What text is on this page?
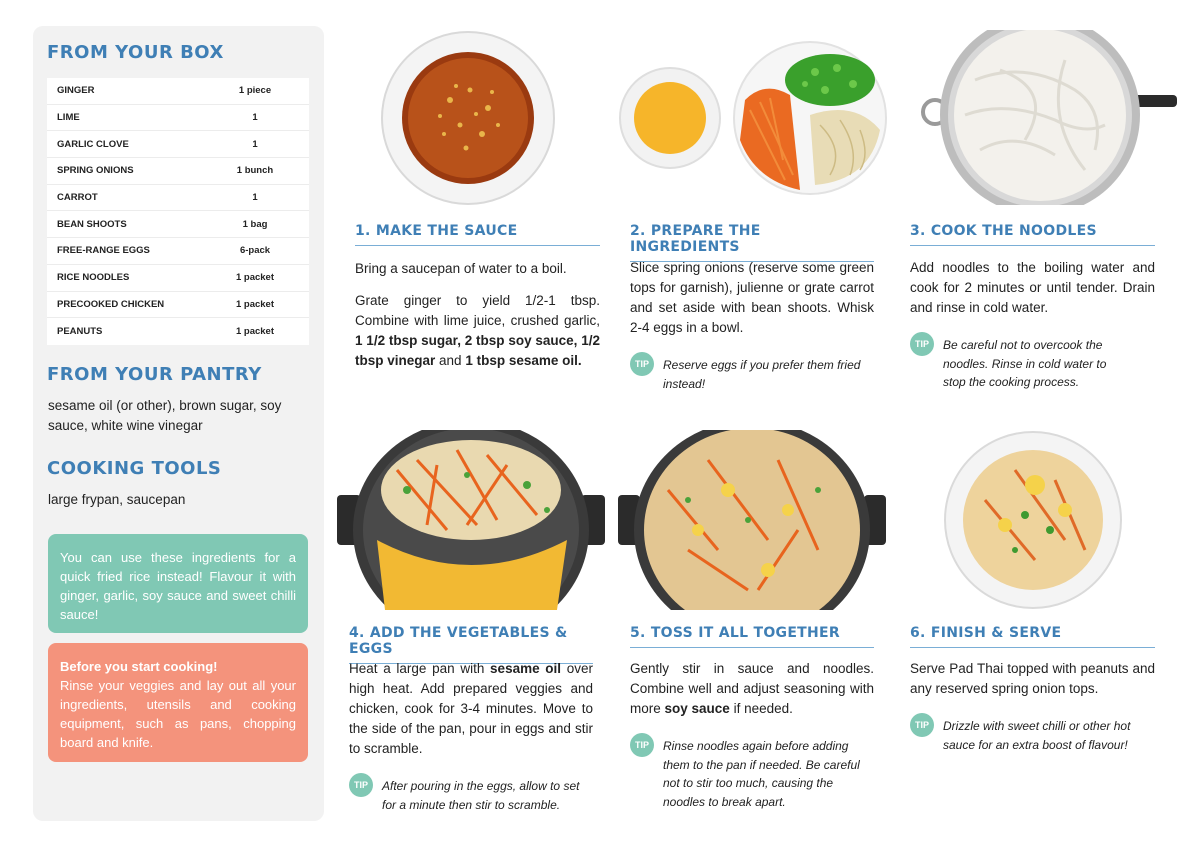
FROM YOUR BOX
GINGER	1 piece
LIME	1
GARLIC CLOVE	1
SPRING ONIONS	1 bunch
CARROT	1
BEAN SHOOTS	1 bag
FREE-RANGE EGGS	6-pack
RICE NOODLES	1 packet
PRECOOKED CHICKEN	1 packet
PEANUTS	1 packet
FROM YOUR PANTRY
sesame oil (or other), brown sugar, soy sauce, white wine vinegar
COOKING TOOLS
large frypan, saucepan
You can use these ingredients for a quick fried rice instead! Flavour it with ginger, garlic, soy sauce and sweet chilli sauce!
Before you start cooking!
Rinse your veggies and lay out all your ingredients, utensils and cooking equipment, such as pans, chopping board and knife.
1. MAKE THE SAUCE

Bring a saucepan of water to a boil.

Grate ginger to yield 1/2-1 tbsp. Combine with lime juice, crushed garlic, 1 1/2 tbsp sugar, 2 tbsp soy sauce, 1/2 tbsp vinegar and 1 tbsp sesame oil.

2. PREPARE THE INGREDIENTS

Slice spring onions (reserve some green tops for garnish), julienne or grate carrot and set aside with bean shoots. Whisk 2-4 eggs in a bowl.

TIP	Reserve eggs if you prefer them fried instead!
3. COOK THE NOODLES

Add noodles to the boiling water and cook for 2 minutes or until tender. Drain and rinse in cold water.

TIP	Be careful not to overcook the noodles. Rinse in cold water to stop the cooking process.
4. ADD THE VEGETABLES & EGGS

Heat a large pan with sesame oil over high heat. Add prepared veggies and chicken, cook for 3-4 minutes. Move to the side of the pan, pour in eggs and stir to scramble.

TIP	After pouring in the eggs, allow to set for a minute then stir to scramble.
5. TOSS IT ALL TOGETHER

Gently stir in sauce and noodles. Combine well and adjust seasoning with more soy sauce if needed.

TIP	Rinse noodles again before adding them to the pan if needed. Be careful not to stir too much, causing the noodles to break apart.
6. FINISH & SERVE

Serve Pad Thai topped with peanuts and any reserved spring onion tops.

TIP	Drizzle with sweet chilli or other hot sauce for an extra boost of flavour!
